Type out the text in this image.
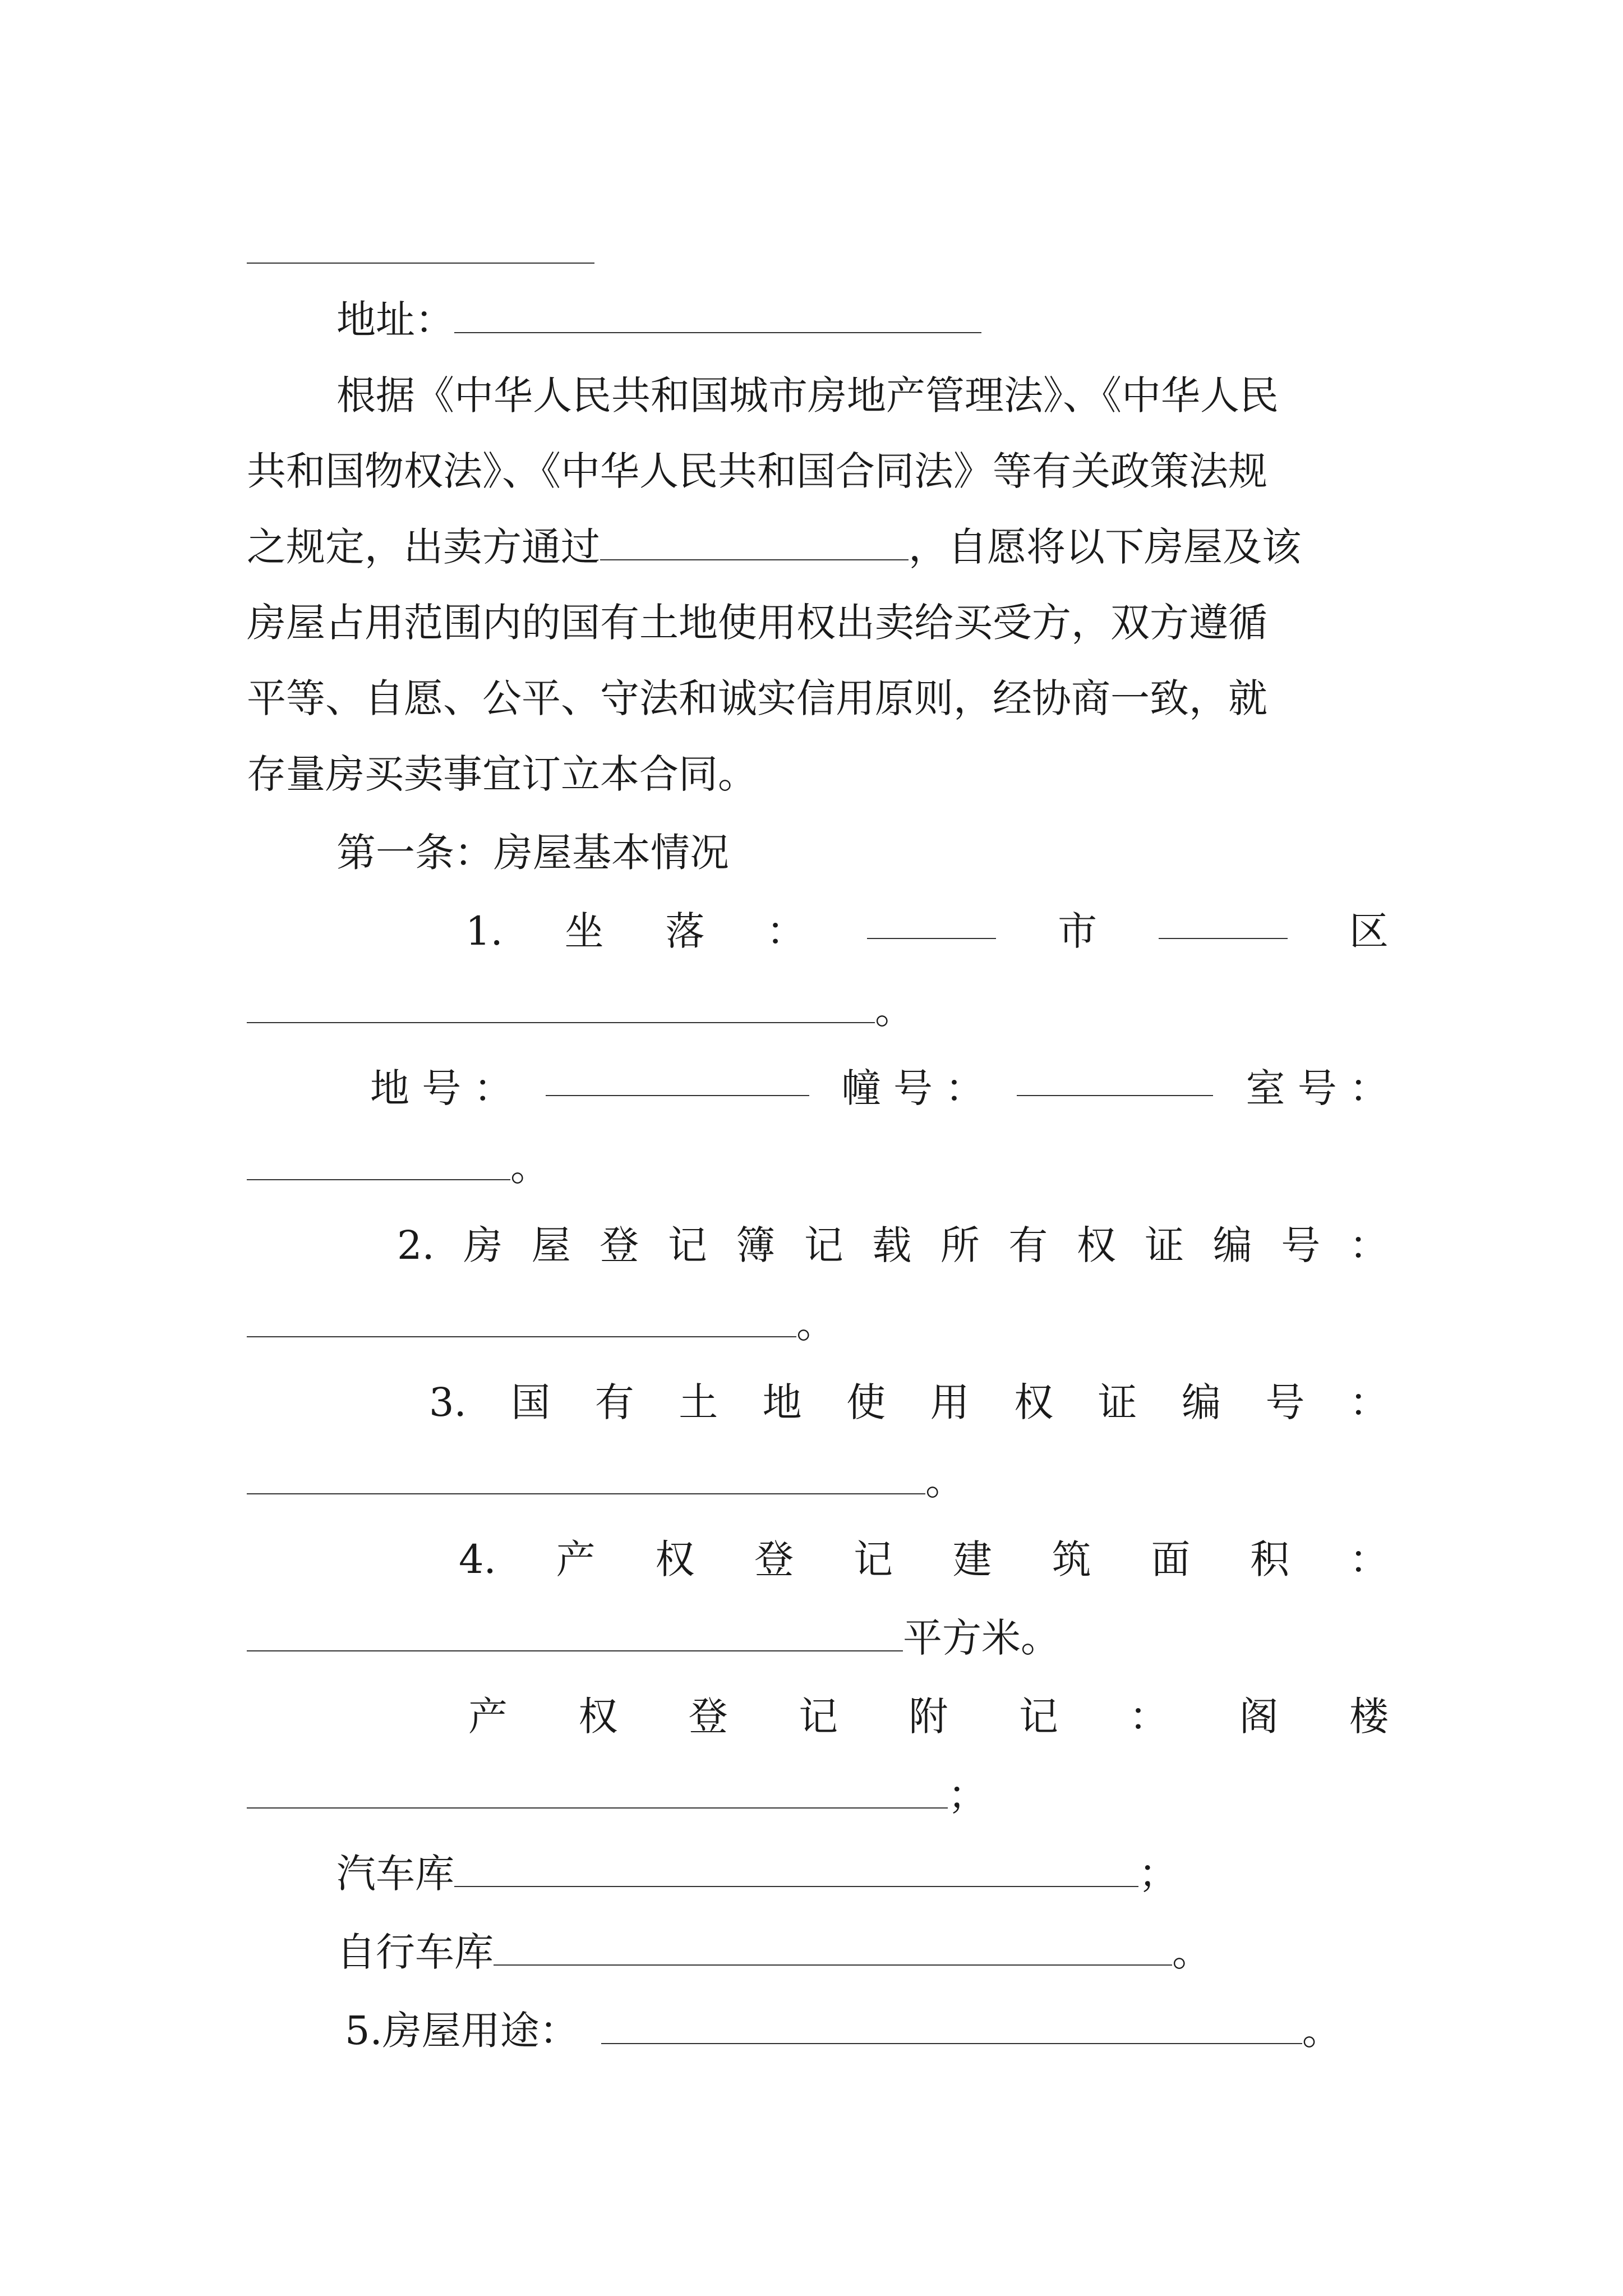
地址：
根据《中华人民共和国城市房地产管理法》、《中华人民
共和国物权法》、《中华人民共和国合同法》等有关政策法规
之规定，出卖方通过	，自愿将以下房屋及该
房屋占用范围内的国有土地使用权出卖给买受方，双方遵循
平等、自愿、公平、守法和诚实信用原则，经协商一致，就
存量房买卖事宜订立本合同。
第一条：房屋基本情况
1. 坐 落 ：	市	区
。
地 号 ：	幢 号 ：	室 号 ：
。
2. 房 屋 登 记 簿 记 载 所 有 权 证 编 号 ：
。
3. 国 有 土 地 使 用 权 证 编 号 ：
。
4. 产 权 登 记 建 筑 面 积 ：
平方米。
产 权 登 记 附 记 ： 阁 楼
；
汽车库	；
自行车库	。
5.房屋用途：	。
